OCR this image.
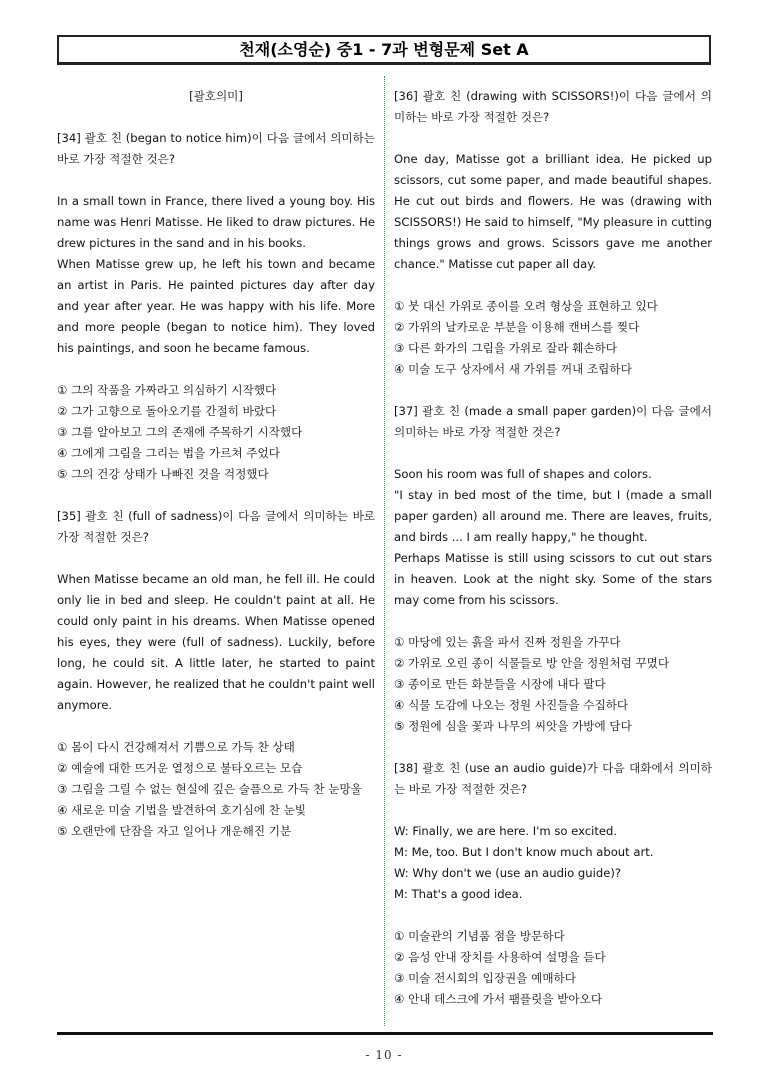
천재(소영순) 중1 - 7과 변형문제 Set A

[괄호의미]

[34] 괄호 친 (began to notice him)이 다음 글에서 의미하는 바로 가장 적절한 것은?

In a small town in France, there lived a young boy. His name was Henri Matisse. He liked to draw pictures. He drew pictures in the sand and in his books.

When Matisse grew up, he left his town and became an artist in Paris. He painted pictures day after day and year after year. He was happy with his life. More and more people (began to notice him). They loved his paintings, and soon he became famous.

① 그의 작품을 가짜라고 의심하기 시작했다

② 그가 고향으로 돌아오기를 간절히 바랐다

③ 그를 알아보고 그의 존재에 주목하기 시작했다

④ 그에게 그림을 그리는 법을 가르쳐 주었다

⑤ 그의 건강 상태가 나빠진 것을 걱정했다

[35] 괄호 친 (full of sadness)이 다음 글에서 의미하는 바로 가장 적절한 것은?

When Matisse became an old man, he fell ill. He could only lie in bed and sleep. He couldn't paint at all. He could only paint in his dreams. When Matisse opened his eyes, they were (full of sadness). Luckily, before long, he could sit. A little later, he started to paint again. However, he realized that he couldn't paint well anymore.

① 몸이 다시 건강해져서 기쁨으로 가득 찬 상태

② 예술에 대한 뜨거운 열정으로 불타오르는 모습

③ 그림을 그릴 수 없는 현실에 깊은 슬픔으로 가득 찬 눈망울

④ 새로운 미술 기법을 발견하여 호기심에 찬 눈빛

⑤ 오랜만에 단잠을 자고 일어나 개운해진 기분

[36] 괄호 친 (drawing with SCISSORS!)이 다음 글에서 의미하는 바로 가장 적절한 것은?

One day, Matisse got a brilliant idea. He picked up scissors, cut some paper, and made beautiful shapes. He cut out birds and flowers. He was (drawing with SCISSORS!) He said to himself, "My pleasure in cutting things grows and grows. Scissors gave me another chance." Matisse cut paper all day.

① 붓 대신 가위로 종이를 오려 형상을 표현하고 있다

② 가위의 날카로운 부분을 이용해 캔버스를 찢다

③ 다른 화가의 그림을 가위로 잘라 훼손하다

④ 미술 도구 상자에서 새 가위를 꺼내 조립하다

[37] 괄호 친 (made a small paper garden)이 다음 글에서 의미하는 바로 가장 적절한 것은?

Soon his room was full of shapes and colors.

"I stay in bed most of the time, but I (made a small paper garden) all around me. There are leaves, fruits, and birds ... I am really happy," he thought.

Perhaps Matisse is still using scissors to cut out stars in heaven. Look at the night sky. Some of the stars may come from his scissors.

① 마당에 있는 흙을 파서 진짜 정원을 가꾸다

② 가위로 오린 종이 식물들로 방 안을 정원처럼 꾸몄다

③ 종이로 만든 화분들을 시장에 내다 팔다

④ 식물 도감에 나오는 정원 사진들을 수집하다

⑤ 정원에 심을 꽃과 나무의 씨앗을 가방에 담다

[38] 괄호 친 (use an audio guide)가 다음 대화에서 의미하는 바로 가장 적절한 것은?

W: Finally, we are here. I'm so excited.

M: Me, too. But I don't know much about art.

W: Why don't we (use an audio guide)?

M: That's a good idea.

① 미술관의 기념품 점을 방문하다

② 음성 안내 장치를 사용하여 설명을 듣다

③ 미술 전시회의 입장권을 예매하다

④ 안내 데스크에 가서 팸플릿을 받아오다

- 10 -
